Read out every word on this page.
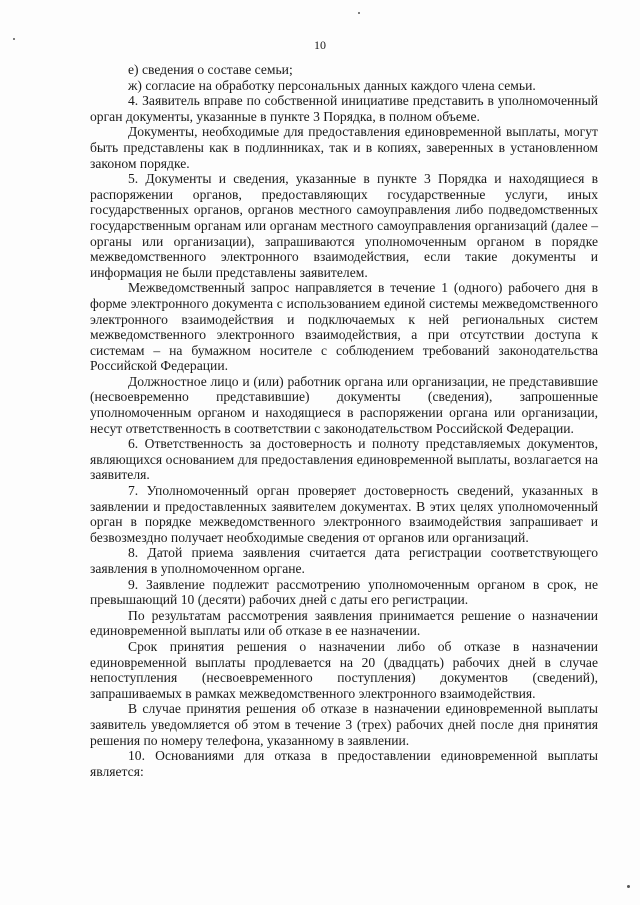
10

е) сведения о составе семьи;

ж) согласие на обработку персональных данных каждого члена семьи.

4. Заявитель вправе по собственной инициативе представить в уполномоченный орган документы, указанные в пункте 3 Порядка, в полном объеме.

Документы, необходимые для предоставления единовременной выплаты, могут быть представлены как в подлинниках, так и в копиях, заверенных в установленном законом порядке.

5. Документы и сведения, указанные в пункте 3 Порядка и находящиеся в распоряжении органов, предоставляющих государственные услуги, иных государственных органов, органов местного самоуправления либо подведомственных государственным органам или органам местного самоуправления организаций (далее – органы или организации), запрашиваются уполномоченным органом в порядке межведомственного электронного взаимодействия, если такие документы и информация не были представлены заявителем.

Межведомственный запрос направляется в течение 1 (одного) рабочего дня в форме электронного документа с использованием единой системы межведомственного электронного взаимодействия и подключаемых к ней региональных систем межведомственного электронного взаимодействия, а при отсутствии доступа к системам – на бумажном носителе с соблюдением требований законодательства Российской Федерации.

Должностное лицо и (или) работник органа или организации, не представившие (несвоевременно представившие) документы (сведения), запрошенные уполномоченным органом и находящиеся в распоряжении органа или организации, несут ответственность в соответствии с законодательством Российской Федерации.

6. Ответственность за достоверность и полноту представляемых документов, являющихся основанием для предоставления единовременной выплаты, возлагается на заявителя.

7. Уполномоченный орган проверяет достоверность сведений, указанных в заявлении и предоставленных заявителем документах. В этих целях уполномоченный орган в порядке межведомственного электронного взаимодействия запрашивает и безвозмездно получает необходимые сведения от органов или организаций.

8. Датой приема заявления считается дата регистрации соответствующего заявления в уполномоченном органе.

9. Заявление подлежит рассмотрению уполномоченным органом в срок, не превышающий 10 (десяти) рабочих дней с даты его регистрации.

По результатам рассмотрения заявления принимается решение о назначении единовременной выплаты или об отказе в ее назначении.

Срок принятия решения о назначении либо об отказе в назначении единовременной выплаты продлевается на 20 (двадцать) рабочих дней в случае непоступления (несвоевременного поступления) документов (сведений), запрашиваемых в рамках межведомственного электронного взаимодействия.

В случае принятия решения об отказе в назначении единовременной выплаты заявитель уведомляется об этом в течение 3 (трех) рабочих дней после дня принятия решения по номеру телефона, указанному в заявлении.

10. Основаниями для отказа в предоставлении единовременной выплаты является:
